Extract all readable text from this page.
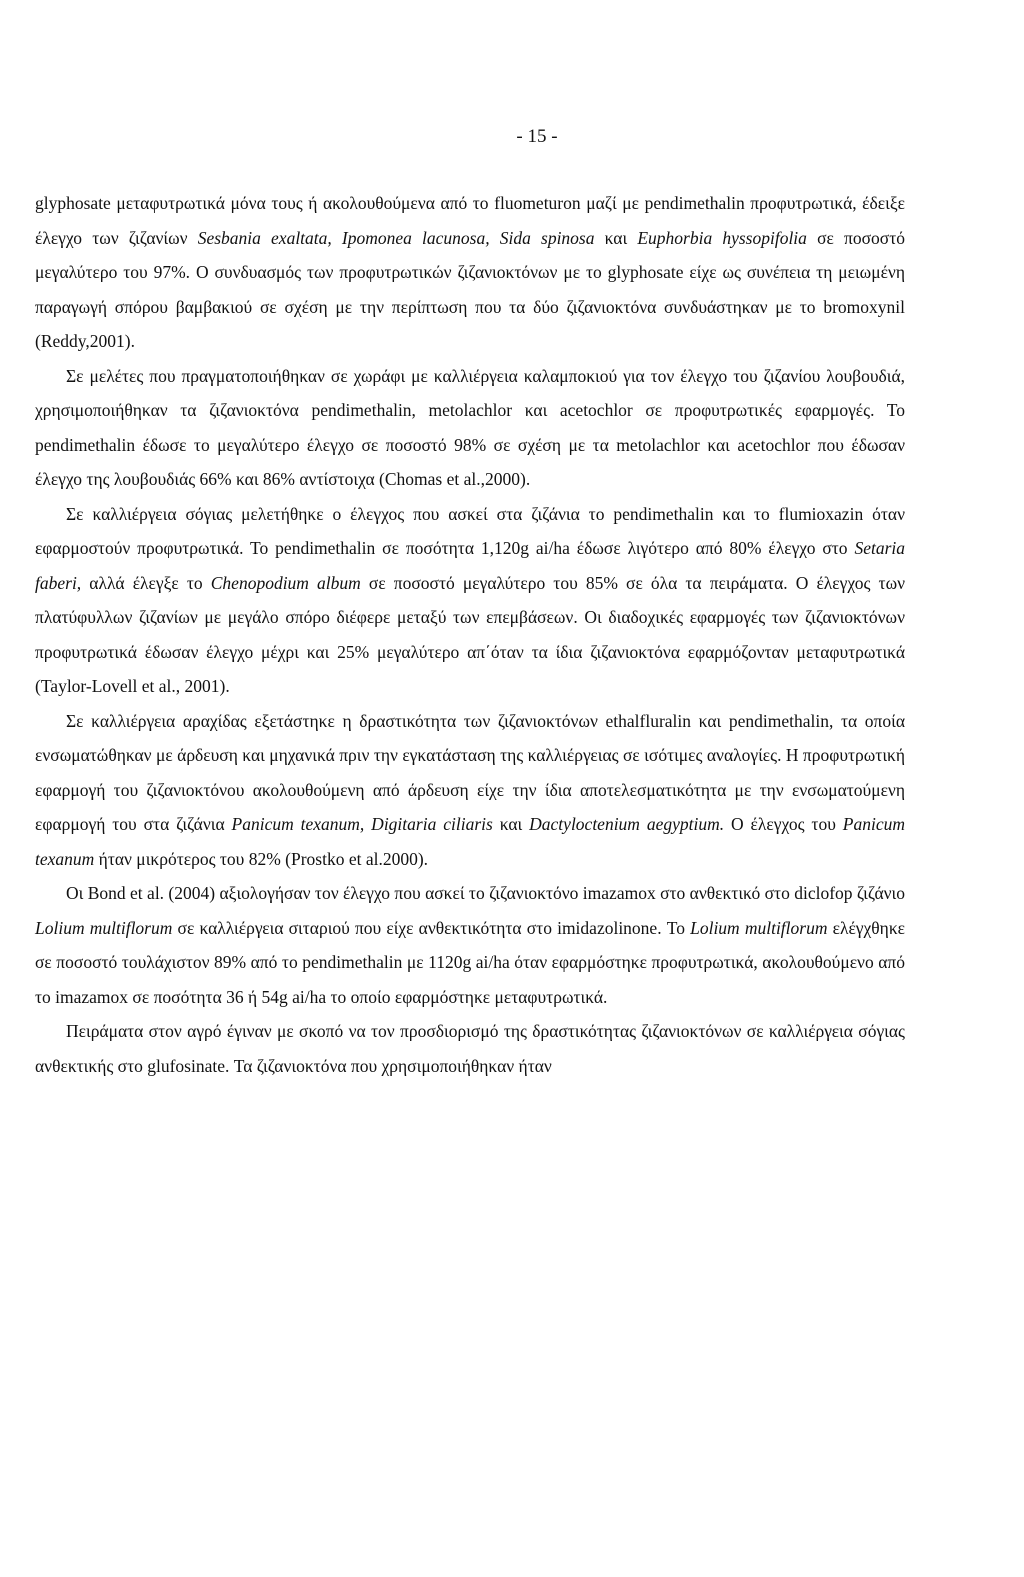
- 15 -

glyphosate μεταφυτρωτικά μόνα τους ή ακολουθούμενα από το fluometuron μαζί με pendimethalin προφυτρωτικά, έδειξε έλεγχο των ζιζανίων Sesbania exaltata, Ipomonea lacunosa, Sida spinosa και Euphorbia hyssopifolia σε ποσοστό μεγαλύτερο του 97%. Ο συνδυασμός των προφυτρωτικών ζιζανιοκτόνων με το glyphosate είχε ως συνέπεια τη μειωμένη παραγωγή σπόρου βαμβακιού σε σχέση με την περίπτωση που τα δύο ζιζανιοκτόνα συνδυάστηκαν με το bromoxynil (Reddy,2001).

Σε μελέτες που πραγματοποιήθηκαν σε χωράφι με καλλιέργεια καλαμποκιού για τον έλεγχο του ζιζανίου λουβουδιά, χρησιμοποιήθηκαν τα ζιζανιοκτόνα pendimethalin, metolachlor και acetochlor σε προφυτρωτικές εφαρμογές. Το pendimethalin έδωσε το μεγαλύτερο έλεγχο σε ποσοστό 98% σε σχέση με τα metolachlor και acetochlor που έδωσαν έλεγχο της λουβουδιάς 66% και 86% αντίστοιχα (Chomas et al.,2000).

Σε καλλιέργεια σόγιας μελετήθηκε ο έλεγχος που ασκεί στα ζιζάνια το pendimethalin και το flumioxazin όταν εφαρμοστούν προφυτρωτικά. Το pendimethalin σε ποσότητα 1,120g ai/ha έδωσε λιγότερο από 80% έλεγχο στο Setaria faberi, αλλά έλεγξε το Chenopodium album σε ποσοστό μεγαλύτερο του 85% σε όλα τα πειράματα. Ο έλεγχος των πλατύφυλλων ζιζανίων με μεγάλο σπόρο διέφερε μεταξύ των επεμβάσεων. Οι διαδοχικές εφαρμογές των ζιζανιοκτόνων προφυτρωτικά έδωσαν έλεγχο μέχρι και 25% μεγαλύτερο απ΄όταν τα ίδια ζιζανιοκτόνα εφαρμόζονταν μεταφυτρωτικά (Taylor-Lovell et al., 2001).

Σε καλλιέργεια αραχίδας εξετάστηκε η δραστικότητα των ζιζανιοκτόνων ethalfluralin και pendimethalin, τα οποία ενσωματώθηκαν με άρδευση και μηχανικά πριν την εγκατάσταση της καλλιέργειας σε ισότιμες αναλογίες. Η προφυτρωτική εφαρμογή του ζιζανιοκτόνου ακολουθούμενη από άρδευση είχε την ίδια αποτελεσματικότητα με την ενσωματούμενη εφαρμογή του στα ζιζάνια Panicum texanum, Digitaria ciliaris και Dactyloctenium aegyptium. Ο έλεγχος του Panicum texanum ήταν μικρότερος του 82% (Prostko et al.2000).

Οι Bond et al. (2004) αξιολογήσαν τον έλεγχο που ασκεί το ζιζανιοκτόνο imazamox στο ανθεκτικό στο diclofop ζιζάνιο Lolium multiflorum σε καλλιέργεια σιταριού που είχε ανθεκτικότητα στο imidazolinone. Το Lolium multiflorum ελέγχθηκε σε ποσοστό τουλάχιστον 89% από το pendimethalin με 1120g ai/ha όταν εφαρμόστηκε προφυτρωτικά, ακολουθούμενο από το imazamox σε ποσότητα 36 ή 54g ai/ha το οποίο εφαρμόστηκε μεταφυτρωτικά.

Πειράματα στον αγρό έγιναν με σκοπό να τον προσδιορισμό της δραστικότητας ζιζανιοκτόνων σε καλλιέργεια σόγιας ανθεκτικής στο glufosinate. Τα ζιζανιοκτόνα που χρησιμοποιήθηκαν ήταν
